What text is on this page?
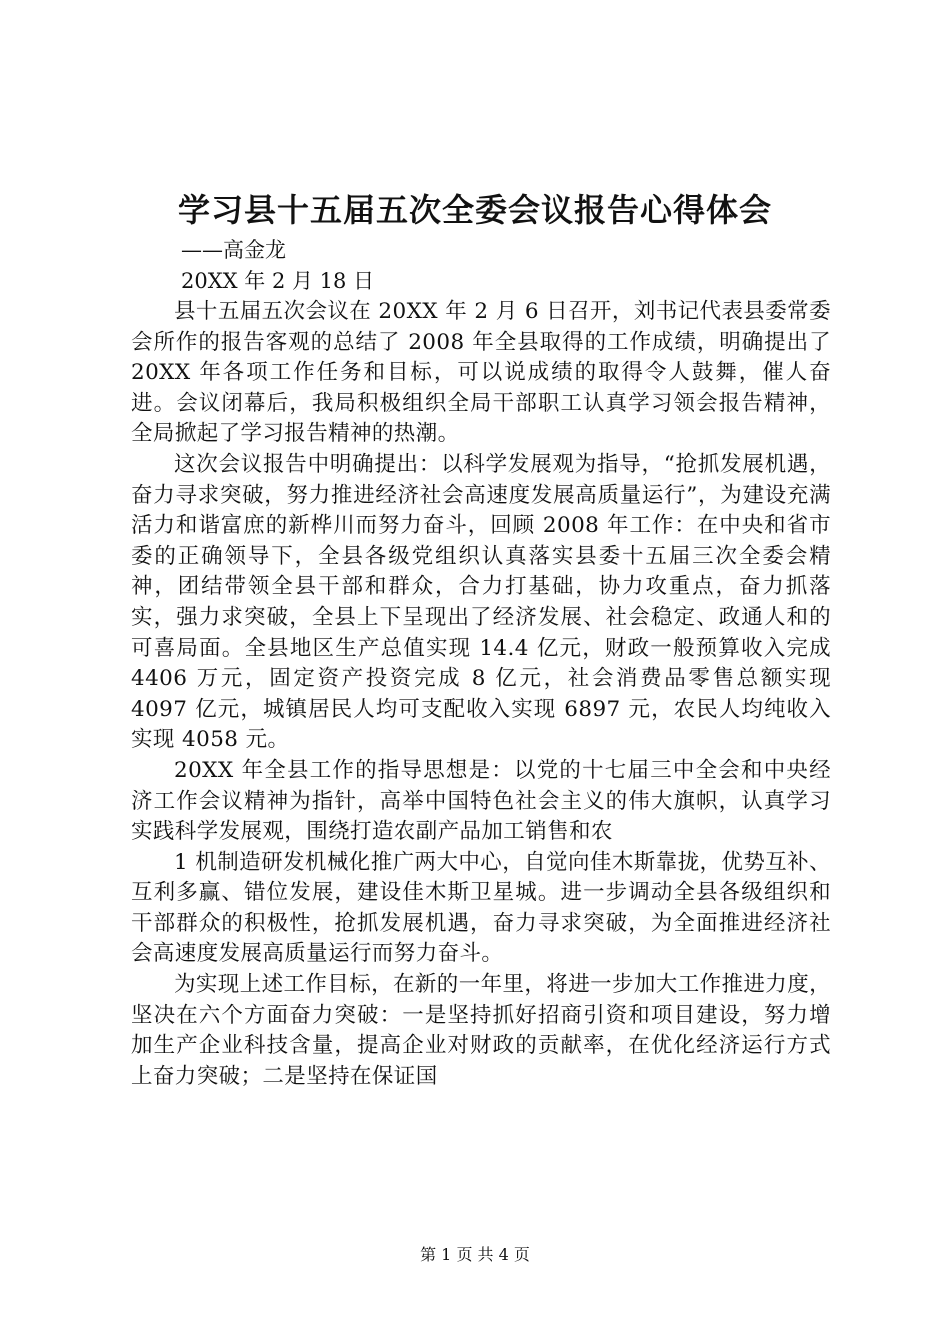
学习县十五届五次全委会议报告心得体会
——高金龙
20XX 年 2 月 18 日

县十五届五次会议在 20XX 年 2 月 6 日召开，刘书记代表县委常委会所作的报告客观的总结了 2008 年全县取得的工作成绩，明确提出了 20XX 年各项工作任务和目标，可以说成绩的取得令人鼓舞，催人奋进。会议闭幕后，我局积极组织全局干部职工认真学习领会报告精神，全局掀起了学习报告精神的热潮。

这次会议报告中明确提出：以科学发展观为指导，“抢抓发展机遇，奋力寻求突破，努力推进经济社会高速度发展高质量运行”，为建设充满活力和谐富庶的新桦川而努力奋斗，回顾 2008 年工作：在中央和省市委的正确领导下，全县各级党组织认真落实县委十五届三次全委会精神，团结带领全县干部和群众，合力打基础，协力攻重点，奋力抓落实，强力求突破，全县上下呈现出了经济发展、社会稳定、政通人和的可喜局面。全县地区生产总值实现 14.4 亿元，财政一般预算收入完成 4406 万元，固定资产投资完成 8 亿元，社会消费品零售总额实现 4097 亿元，城镇居民人均可支配收入实现 6897 元，农民人均纯收入实现 4058 元。

20XX 年全县工作的指导思想是：以党的十七届三中全会和中央经济工作会议精神为指针，高举中国特色社会主义的伟大旗帜，认真学习实践科学发展观，围绕打造农副产品加工销售和农

1 机制造研发机械化推广两大中心，自觉向佳木斯靠拢，优势互补、互利多赢、错位发展，建设佳木斯卫星城。进一步调动全县各级组织和干部群众的积极性，抢抓发展机遇，奋力寻求突破，为全面推进经济社会高速度发展高质量运行而努力奋斗。

为实现上述工作目标，在新的一年里，将进一步加大工作推进力度，坚决在六个方面奋力突破：一是坚持抓好招商引资和项目建设，努力增加生产企业科技含量，提高企业对财政的贡献率，在优化经济运行方式上奋力突破；二是坚持在保证国

第 1 页 共 4 页
